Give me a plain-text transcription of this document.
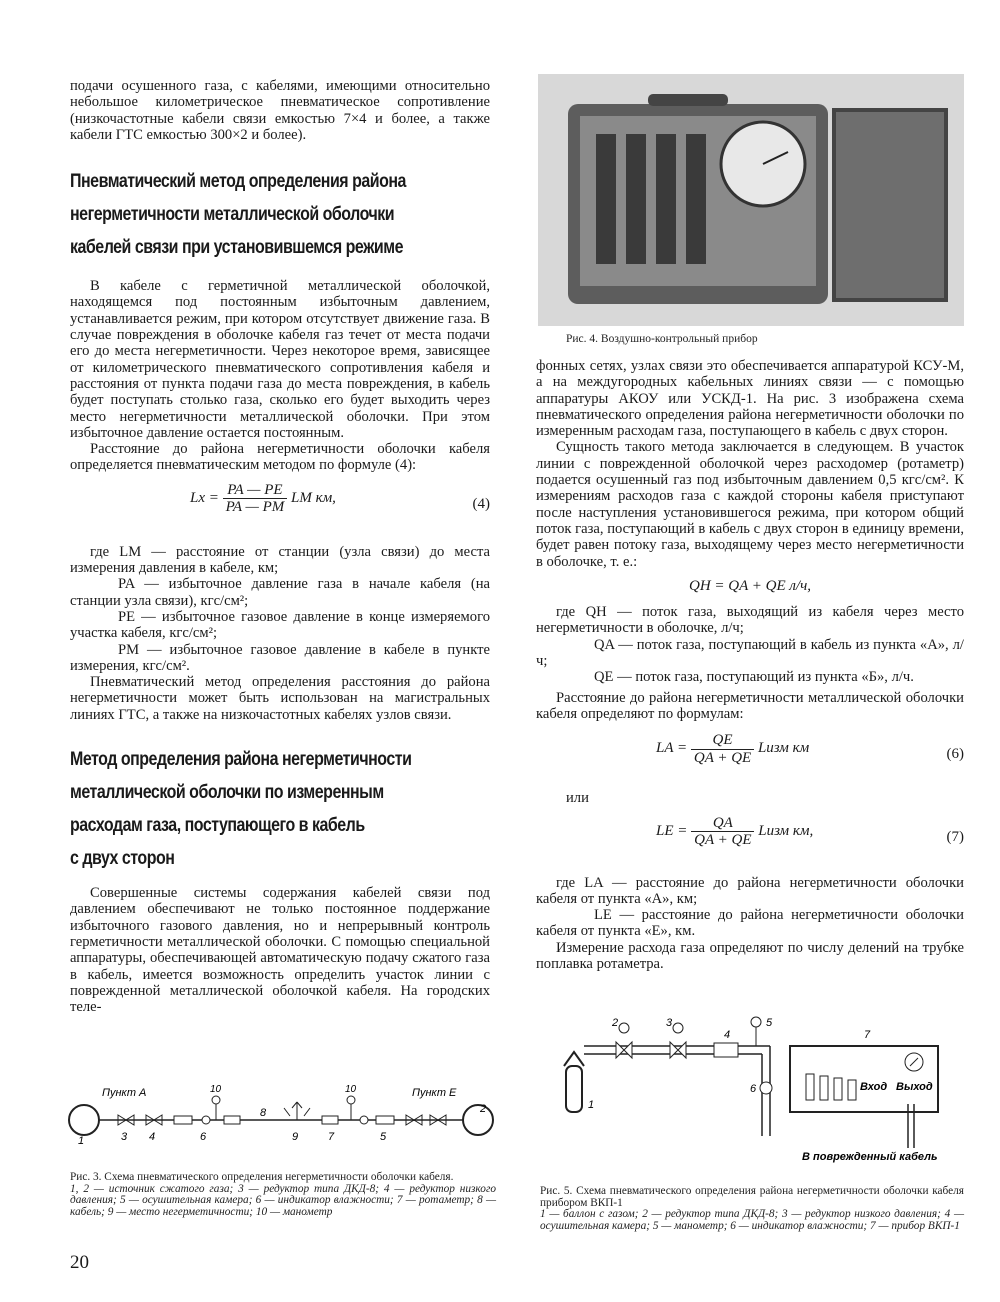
подачи осушенного газа, с кабелями, имеющими относительно небольшое километрическое пневматическое сопротивление (низкочастотные кабели связи емкостью 7×4 и более, а также кабели ГТС емкостью 300×2 и более).

Пневматический метод определения района
негерметичности металлической оболочки
кабелей связи при установившемся режиме

В кабеле с герметичной металлической оболочкой, находящемся под постоянным избыточным давлением, устанавливается режим, при котором отсутствует движение газа. В случае повреждения в оболочке кабеля газ течет от места подачи его до места негерметичности. Через некоторое время, зависящее от километрического пневматического сопротивления кабеля и расстояния от пункта подачи газа до места повреждения, в кабель будет поступать столько газа, сколько его будет выходить через место негерметичности металлической оболочки. При этом избыточное давление остается постоянным.

Расстояние до района негерметичности оболочки кабеля определяется пневматическим методом по формуле (4):

$Lx = \frac{PA — PE}{PA — PM}$ LM км,	(4)

где LM — расстояние от станции (узла связи) до места измерения давления в кабеле, км;

PA — избыточное давление газа в начале кабеля (на станции узла связи), кгс/см²;

PE — избыточное газовое давление в конце измеряемого участка кабеля, кгс/см²;

PM — избыточное газовое давление в кабеле в пункте измерения, кгс/см².

Пневматический метод определения расстояния до района негерметичности может быть использован на магистральных линиях ГТС, а также на низкочастотных кабелях узлов связи.

Метод определения района негерметичности
металлической оболочки по измеренным
расходам газа, поступающего в кабель
с двух сторон

Совершенные системы содержания кабелей связи под давлением обеспечивают не только постоянное поддержание избыточного газового давления, но и непрерывный контроль герметичности металлической оболочки. С помощью специальной аппаратуры, обеспечивающей автоматическую подачу сжатого газа в кабель, имеется возможность определить участок линии с поврежденной металлической оболочкой кабеля. На городских теле-

Пункт А	Пункт Е
1	3 4	6
10
8
9
10
7	5
2
Рис. 3. Схема пневматического определения негерметичности оболочки кабеля.
1, 2 — источник сжатого газа; 3 — редуктор типа ДКД-8; 4 — редуктор низкого давления; 5 — осушительная камера; 6 — индикатор влажности; 7 — ротаметр; 8 — кабель; 9 — место негерметичности; 10 — манометр
20
Рис. 4. Воздушно-контрольный прибор

фонных сетях, узлах связи это обеспечивается аппаратурой КСУ-М, а на междугородных кабельных линиях связи — с помощью аппаратуры АКОУ или УСКД-1. На рис. 3 изображена схема пневматического определения района негерметичности оболочки по измеренным расходам газа, поступающего в кабель с двух сторон.

Сущность такого метода заключается в следующем. В участок линии с поврежденной оболочкой через расходомер (ротаметр) подается осушенный газ под избыточным давлением 0,5 кгс/см². К измерениям расходов газа с каждой стороны кабеля приступают после наступления установившегося режима, при котором общий поток газа, поступающий в кабель с двух сторон в единицу времени, будет равен потоку газа, выходящему через место негерметичности в оболочке, т. е.:

QН = QA + QE л/ч,

где QН — поток газа, выходящий из кабеля через место негерметичности в оболочке, л/ч;

QA — поток газа, поступающий в кабель из пункта «А», л/ч;

QE — поток газа, поступающий из пункта «Б», л/ч.

Расстояние до района негерметичности металлической оболочки кабеля определяют по формулам:

LA = $\frac{QE}{QA + QE}$ Lизм км	(6)

или

LE = $\frac{QA}{QA + QE}$ Lизм км,	(7)

где LA — расстояние до района негерметичности оболочки кабеля от пункта «А», км;

LE — расстояние до района негерметичности оболочки кабеля от пункта «Е», км.

Измерение расхода газа определяют по числу делений на трубке поплавка ротаметра.

2	3
4
5
7
6
1
Вход Выход
В поврежденный кабель
Рис. 5. Схема пневматического определения района негерметичности оболочки кабеля прибором ВКП-1
1 — баллон с газом; 2 — редуктор типа ДКД-8; 3 — редуктор низкого давления; 4 — осушительная камера; 5 — манометр; 6 — индикатор влажности; 7 — прибор ВКП-1
